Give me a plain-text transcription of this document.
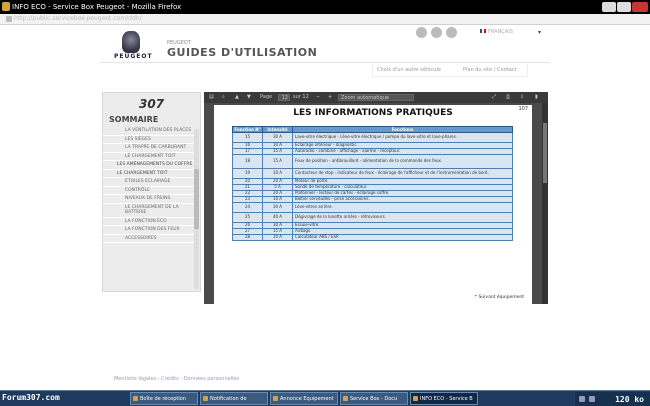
INFO ECO - Service Box Peugeot - Mozilla Firefox
http://public.servicebox.peugeot.com/ddb/
PEUGEOT
PEUGEOT
GUIDES D'UTILISATION
FRANÇAIS	▾
Choix d'un autre véhicule	Plan du site / Contact
307
SOMMAIRE
LA VENTILATION DES PLACES
LES SIÈGES
LA TRAPPE DE CARBURANT
LE CHARGEMENT TOIT
LES AMÉNAGEMENTS DU COFFRE
LE CHARGEMENT TOIT
ÉTOILES ÉCLAIRAGE
CONTRÔLE
NIVEAUX DE FREINS
LE CHARGEMENT DE LA BATTERIE
LA FONCTION ÉCO
LA FONCTION DES FEUX
ACCESSOIRES
▤ ⌕ ▲ ▼ Page	12	sur 12 − +	Zoom automatique	⤢ ⎙ ⇩ ▮
107
LES INFORMATIONS PRATIQUES
Fonction N°	Intensité	Fonctions
15	30 A	Lave-vitre électrique - Lève-vitre électrique / pompe du lave-vitre et lave-phares.
16	10 A	Éclairage intérieur - diagnostic.
17	15 A	Autoradio - combiné - affichage - alarme - récepteur.
18	15 A	Feux de position - antibrouillard - alimentation de la commande des feux.
19	10 A	Contacteur de stop - indicateur de feux - éclairage de l'afficheur et de l'instrumentation de bord.
20	20 A	Moteur de porte.
21	5 A	Sonde de température - calculateur.
22	20 A	Plafonnier - lecteur de cartes - éclairage coffre.
23	10 A	Boîtier servitudes - prise accessoires.
24	30 A	Lève-vitres arrière.
25	40 A	Dégivrage de la lunette arrière - rétroviseurs.
26	30 A	Essuie-vitre.
27	15 A	Airbags.
28	10 A	Calculateur ABS / ESP.
* Suivant équipement
Mentions légales - Crédits - Données personnelles
Forum307.com	Boîte de réception	Notification de	Annonce Equipement	Service Box - Docu	INFO ECO - Service B	120 ko
